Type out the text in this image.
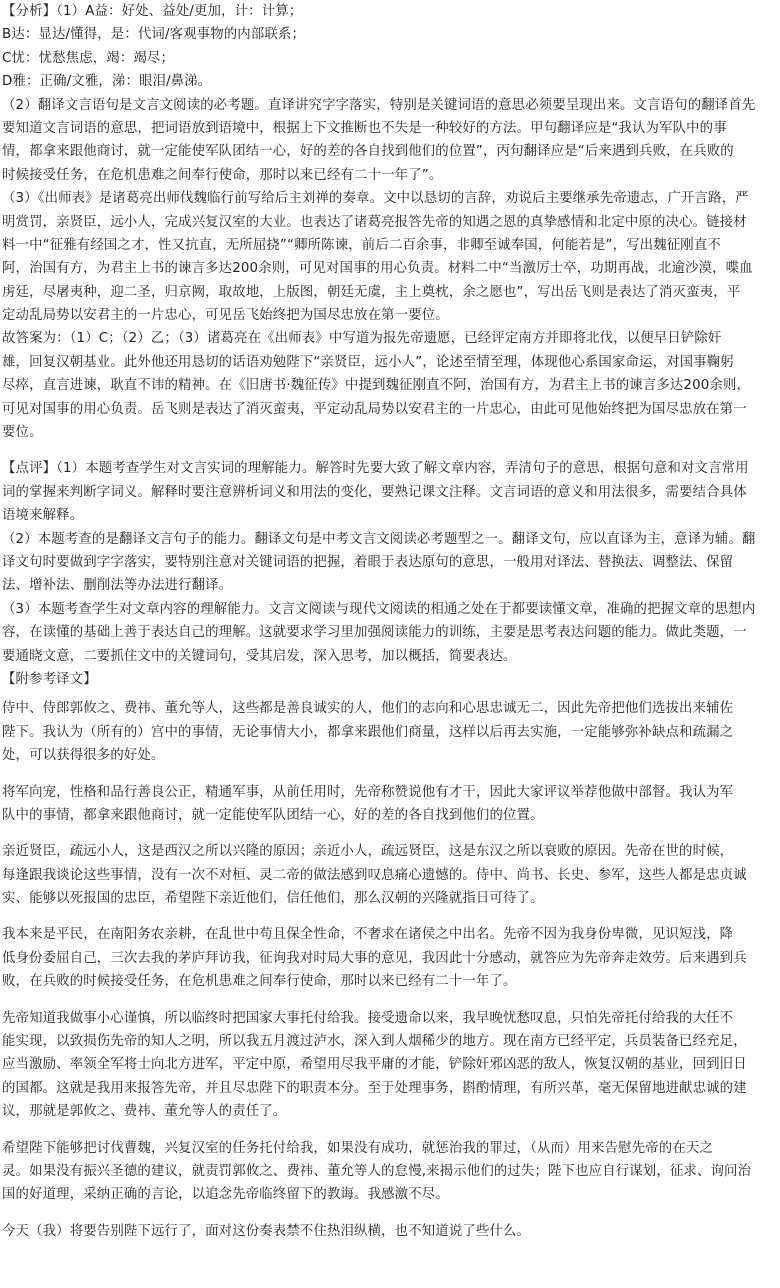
【分析】（1）A益：好处、益处/更加，计：计算；
B达：显达/懂得，是：代词/客观事物的内部联系；
C忧：忧愁焦虑，竭：竭尽；
D雅：正确/文雅，涕：眼泪/鼻涕。
（2）翻译文言语句是文言文阅读的必考题。直译讲究字字落实，特别是关键词语的意思必须要呈现出来。文言语句的翻译首先
要知道文言词语的意思，把词语放到语境中，根据上下文推断也不失是一种较好的方法。甲句翻译应是“我认为军队中的事
情，都拿来跟他商讨，就一定能使军队团结一心，好的差的各自找到他们的位置”，丙句翻译应是“后来遇到兵败，在兵败的
时候接受任务，在危机患难之间奉行使命，那时以来已经有二十一年了”。
（3）《出师表》是诸葛亮出师伐魏临行前写给后主刘禅的奏章。文中以恳切的言辞，劝说后主要继承先帝遗志，广开言路，严
明赏罚，亲贤臣，远小人，完成兴复汉室的大业。也表达了诸葛亮报答先帝的知遇之恩的真挚感情和北定中原的决心。链接材
料一中“征雅有经国之才，性又抗直，无所屈挠”“卿所陈谏，前后二百余事，非卿至诚奉国，何能若是”，写出魏征刚直不
阿，治国有方，为君主上书的谏言多达200余则，可见对国事的用心负责。材料二中“当激厉士卒，功期再战，北逾沙漠，喋血
虏廷，尽屠夷种，迎二圣，归京阙，取故地，上版图，朝廷无虞，主上奠枕，余之愿也”，写出岳飞则是表达了消灭蛮夷，平
定动乱局势以安君主的一片忠心，可见岳飞始终把为国尽忠放在第一要位。
故答案为：（1）C；（2）乙；（3）诸葛亮在《出师表》中写道为报先帝遗愿，已经评定南方并即将北伐，以便早日铲除奸
雄，回复汉朝基业。此外他还用恳切的话语劝勉陛下“亲贤臣，远小人”，论述至情至理，体现他心系国家命运，对国事鞠躬
尽瘁，直言进谏，耿直不讳的精神。在《旧唐书·魏征传》中提到魏征刚直不阿，治国有方，为君主上书的谏言多达200余则，
可见对国事的用心负责。岳飞则是表达了消灭蛮夷，平定动乱局势以安君主的一片忠心，由此可见他始终把为国尽忠放在第一
要位。
【点评】（1）本题考查学生对文言实词的理解能力。解答时先要大致了解文章内容，弄清句子的意思，根据句意和对文言常用
词的掌握来判断字词义。解释时要注意辨析词义和用法的变化，要熟记课文注释。文言词语的意义和用法很多，需要结合具体
语境来解释。
（2）本题考查的是翻译文言句子的能力。翻译文句是中考文言文阅读必考题型之一。翻译文句，应以直译为主，意译为辅。翻
译文句时要做到字字落实，要特别注意对关键词语的把握，着眼于表达原句的意思，一般用对译法、替换法、调整法、保留
法、增补法、删削法等办法进行翻译。
（3）本题考查学生对文章内容的理解能力。文言文阅读与现代文阅读的相通之处在于都要读懂文章，准确的把握文章的思想内
容，在读懂的基础上善于表达自己的理解。这就要求学习里加强阅读能力的训练，主要是思考表达问题的能力。做此类题，一
要通晓文意，二要抓住文中的关键词句，受其启发，深入思考，加以概括，简要表达。
【附参考译文】
侍中、侍郎郭攸之、费祎、董允等人，这些都是善良诚实的人，他们的志向和心思忠诚无二，因此先帝把他们选拔出来辅佐
陛下。我认为（所有的）宫中的事情，无论事情大小，都拿来跟他们商量，这样以后再去实施，一定能够弥补缺点和疏漏之
处，可以获得很多的好处。
将军向宠，性格和品行善良公正，精通军事，从前任用时，先帝称赞说他有才干，因此大家评议举荐他做中部督。我认为军
队中的事情，都拿来跟他商讨，就一定能使军队团结一心，好的差的各自找到他们的位置。
亲近贤臣，疏远小人，这是西汉之所以兴隆的原因；亲近小人，疏远贤臣，这是东汉之所以衰败的原因。先帝在世的时候，
每逢跟我谈论这些事情，没有一次不对桓、灵二帝的做法感到叹息痛心遗憾的。侍中、尚书、长史、参军，这些人都是忠贞诚
实、能够以死报国的忠臣，希望陛下亲近他们，信任他们，那么汉朝的兴隆就指日可待了。
我本来是平民，在南阳务农亲耕，在乱世中苟且保全性命，不奢求在诸侯之中出名。先帝不因为我身份卑微，见识短浅，降
低身份委屈自己，三次去我的茅庐拜访我，征询我对时局大事的意见，我因此十分感动，就答应为先帝奔走效劳。后来遇到兵
败，在兵败的时候接受任务，在危机患难之间奉行使命，那时以来已经有二十一年了。
先帝知道我做事小心谨慎，所以临终时把国家大事托付给我。接受遗命以来，我早晚忧愁叹息，只怕先帝托付给我的大任不
能实现，以致损伤先帝的知人之明，所以我五月渡过泸水，深入到人烟稀少的地方。现在南方已经平定，兵员装备已经充足，
应当激励、率领全军将士向北方进军，平定中原，希望用尽我平庸的才能，铲除奸邪凶恶的敌人，恢复汉朝的基业，回到旧日
的国都。这就是我用来报答先帝，并且尽忠陛下的职责本分。至于处理事务，斟酌情理，有所兴革，毫无保留地进献忠诚的建
议，那就是郭攸之、费祎、董允等人的责任了。
希望陛下能够把讨伐曹魏，兴复汉室的任务托付给我，如果没有成功，就惩治我的罪过，（从而）用来告慰先帝的在天之
灵。如果没有振兴圣德的建议，就责罚郭攸之、费祎、董允等人的怠慢,来揭示他们的过失；陛下也应自行谋划，征求、询问治
国的好道理，采纳正确的言论，以追念先帝临终留下的教诲。我感激不尽。
今天（我）将要告别陛下远行了，面对这份奏表禁不住热泪纵横，也不知道说了些什么。
